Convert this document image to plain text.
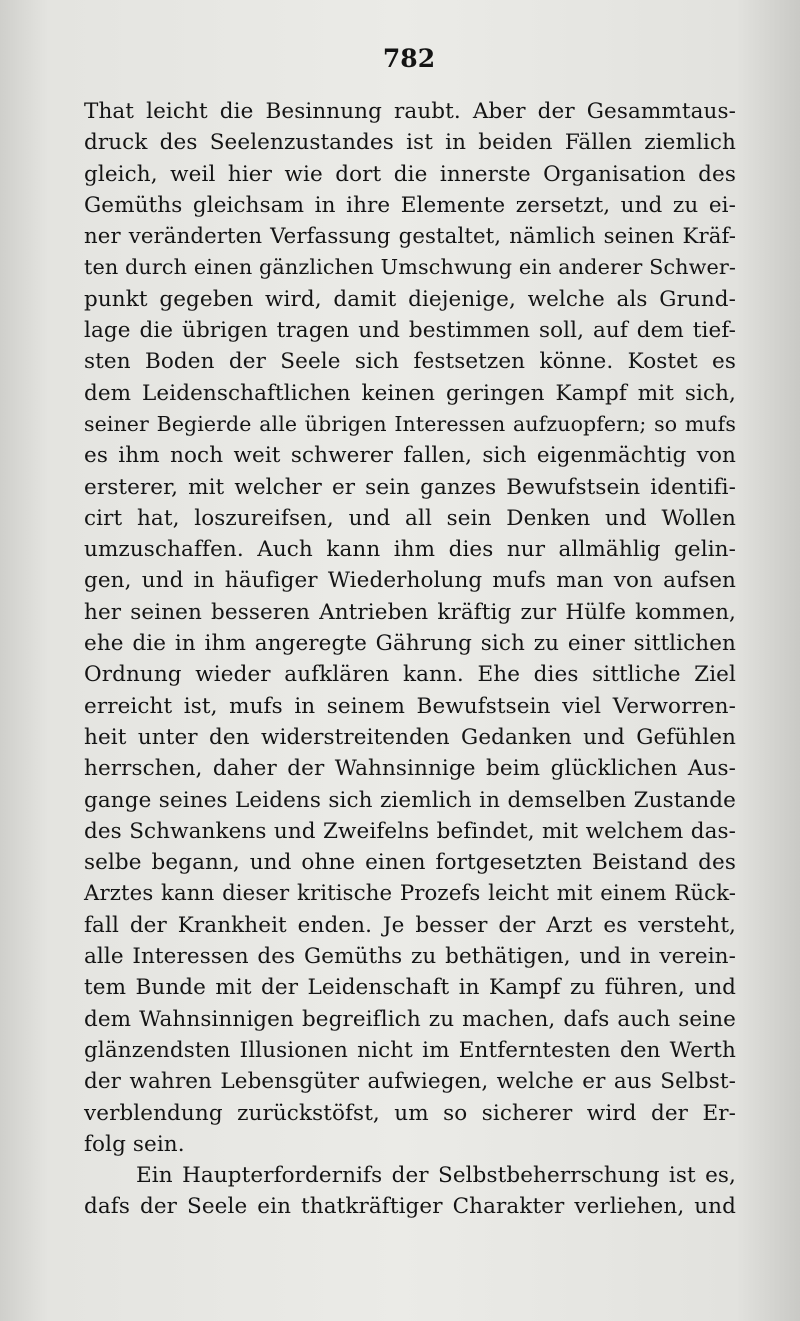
782
That leicht die Besinnung raubt. Aber der Gesammtaus-
druck des Seelenzustandes ist in beiden Fällen ziemlich
gleich, weil hier wie dort die innerste Organisation des
Gemüths gleichsam in ihre Elemente zersetzt, und zu ei-
ner veränderten Verfassung gestaltet, nämlich seinen Kräf-
ten durch einen gänzlichen Umschwung ein anderer Schwer-
punkt gegeben wird, damit diejenige, welche als Grund-
lage die übrigen tragen und bestimmen soll, auf dem tief-
sten Boden der Seele sich festsetzen könne. Kostet es
dem Leidenschaftlichen keinen geringen Kampf mit sich,
seiner Begierde alle übrigen Interessen aufzuopfern; so mufs
es ihm noch weit schwerer fallen, sich eigenmächtig von
ersterer, mit welcher er sein ganzes Bewufstsein identifi-
cirt hat, loszureifsen, und all sein Denken und Wollen
umzuschaffen. Auch kann ihm dies nur allmählig gelin-
gen, und in häufiger Wiederholung mufs man von aufsen
her seinen besseren Antrieben kräftig zur Hülfe kommen,
ehe die in ihm angeregte Gährung sich zu einer sittlichen
Ordnung wieder aufklären kann. Ehe dies sittliche Ziel
erreicht ist, mufs in seinem Bewufstsein viel Verworren-
heit unter den widerstreitenden Gedanken und Gefühlen
herrschen, daher der Wahnsinnige beim glücklichen Aus-
gange seines Leidens sich ziemlich in demselben Zustande
des Schwankens und Zweifelns befindet, mit welchem das-
selbe begann, und ohne einen fortgesetzten Beistand des
Arztes kann dieser kritische Prozefs leicht mit einem Rück-
fall der Krankheit enden. Je besser der Arzt es versteht,
alle Interessen des Gemüths zu bethätigen, und in verein-
tem Bunde mit der Leidenschaft in Kampf zu führen, und
dem Wahnsinnigen begreiflich zu machen, dafs auch seine
glänzendsten Illusionen nicht im Entferntesten den Werth
der wahren Lebensgüter aufwiegen, welche er aus Selbst-
verblendung zurückstöfst, um so sicherer wird der Er-
folg sein.
Ein Haupterfordernifs der Selbstbeherrschung ist es,
dafs der Seele ein thatkräftiger Charakter verliehen, und
